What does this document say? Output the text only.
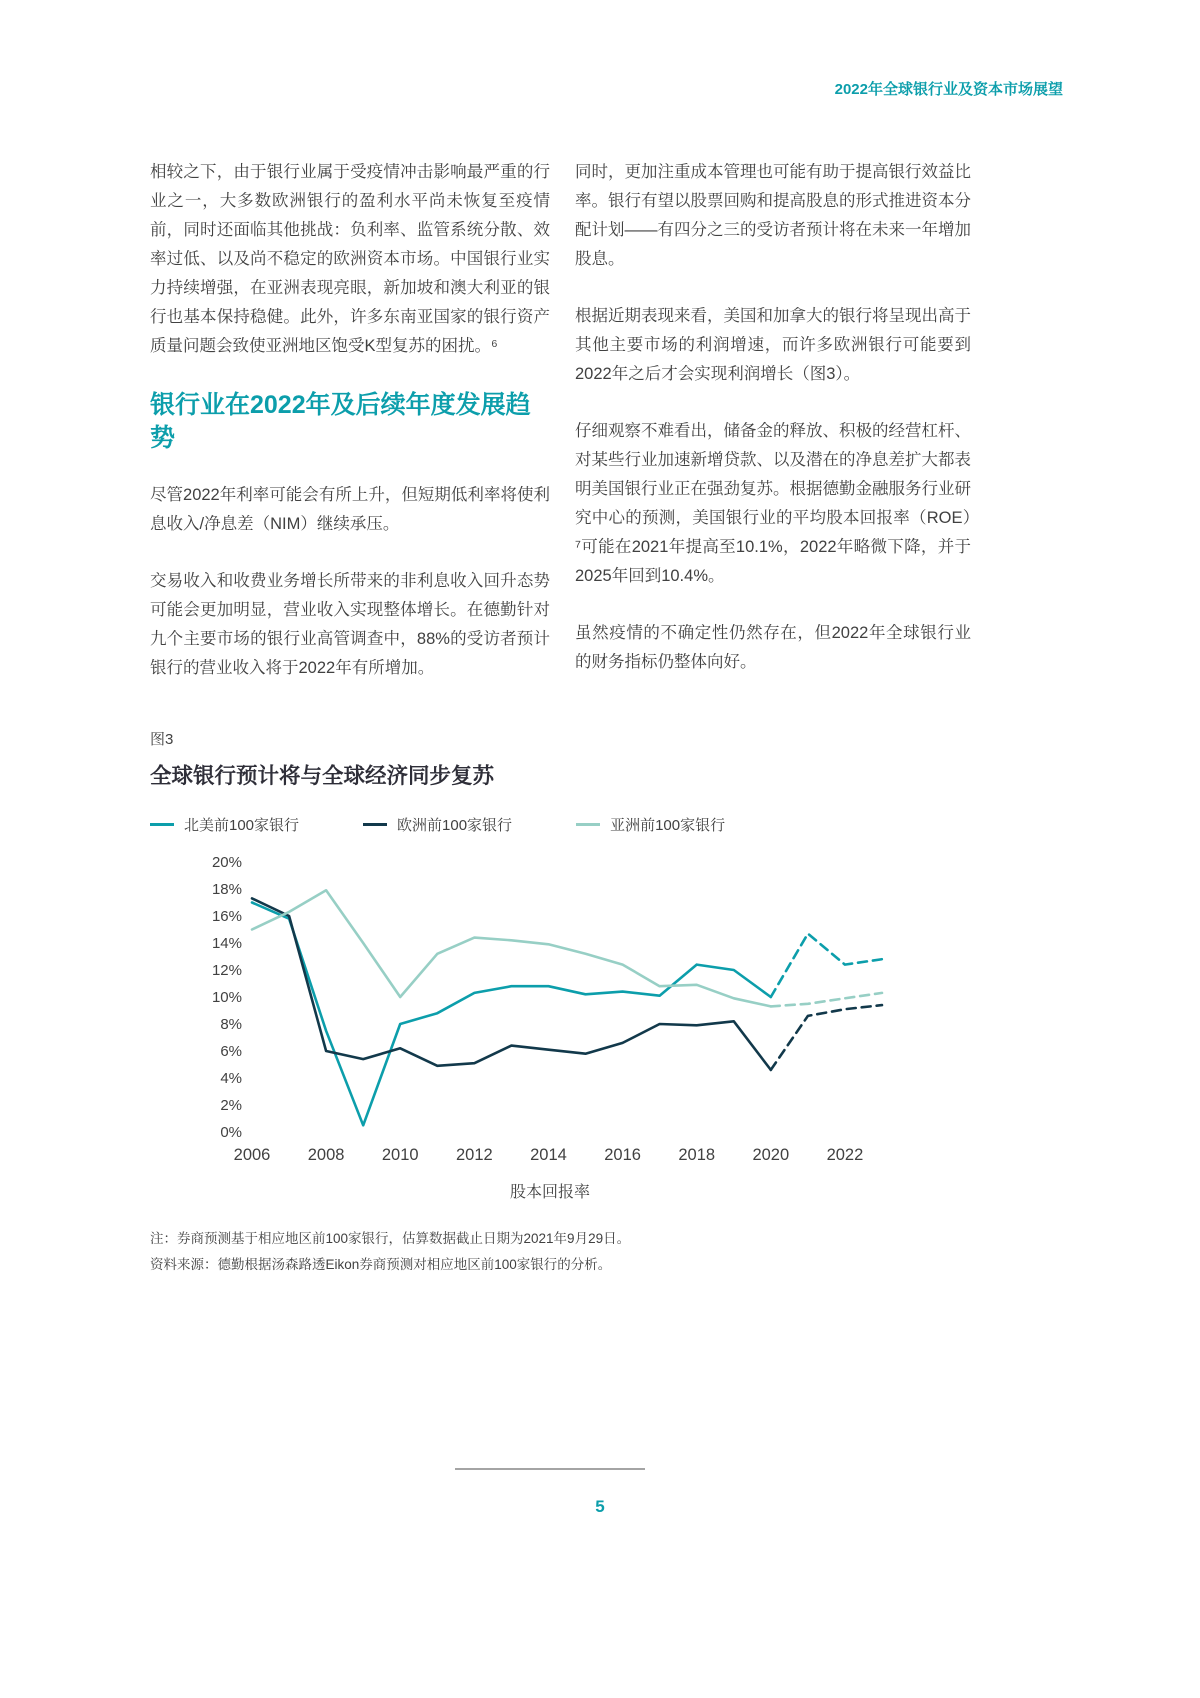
2022年全球银行业及资本市场展望

相较之下，由于银行业属于受疫情冲击影响最严重的行业之一，大多数欧洲银行的盈利水平尚未恢复至疫情前，同时还面临其他挑战：负利率、监管系统分散、效率过低、以及尚不稳定的欧洲资本市场。中国银行业实力持续增强，在亚洲表现亮眼，新加坡和澳大利亚的银行也基本保持稳健。此外，许多东南亚国家的银行资产质量问题会致使亚洲地区饱受K型复苏的困扰。⁶

银行业在2022年及后续年度发展趋势

尽管2022年利率可能会有所上升，但短期低利率将使利息收入/净息差（NIM）继续承压。

交易收入和收费业务增长所带来的非利息收入回升态势可能会更加明显，营业收入实现整体增长。在德勤针对九个主要市场的银行业高管调查中，88%的受访者预计银行的营业收入将于2022年有所增加。

同时，更加注重成本管理也可能有助于提高银行效益比率。银行有望以股票回购和提高股息的形式推进资本分配计划——有四分之三的受访者预计将在未来一年增加股息。

根据近期表现来看，美国和加拿大的银行将呈现出高于其他主要市场的利润增速，而许多欧洲银行可能要到2022年之后才会实现利润增长（图3）。

仔细观察不难看出，储备金的释放、积极的经营杠杆、对某些行业加速新增贷款、以及潜在的净息差扩大都表明美国银行业正在强劲复苏。根据德勤金融服务行业研究中心的预测，美国银行业的平均股本回报率（ROE）⁷可能在2021年提高至10.1%，2022年略微下降，并于2025年回到10.4%。

虽然疫情的不确定性仍然存在，但2022年全球银行业的财务指标仍整体向好。

图3
全球银行预计将与全球经济同步复苏
北美前100家银行	欧洲前100家银行	亚洲前100家银行
0%
2%
4%
6%
8%
10%
12%
14%
16%
18%
20%
2006 2008 2010 2012 2014 2016 2018 2020 2022
股本回报率
注：券商预测基于相应地区前100家银行，估算数据截止日期为2021年9月29日。
资料来源：德勤根据汤森路透Eikon券商预测对相应地区前100家银行的分析。
5
